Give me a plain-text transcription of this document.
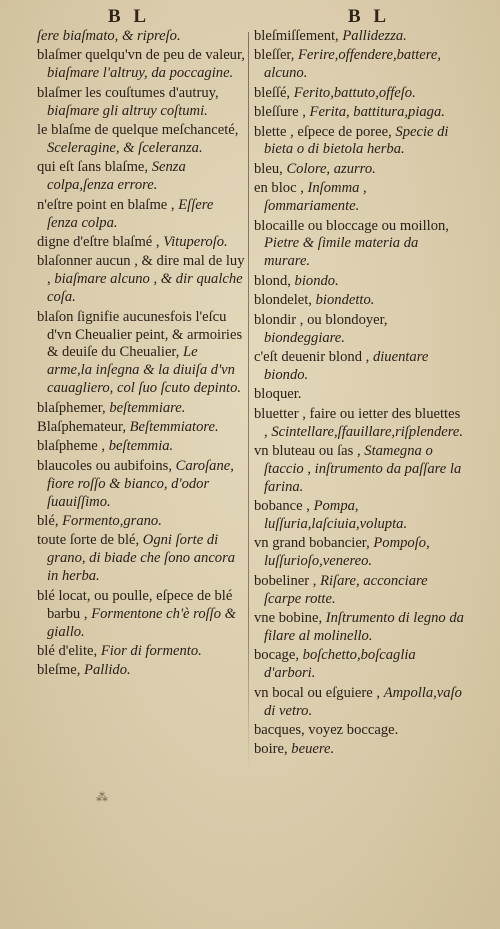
B L	B L
ſere biaſmato, & ripreſo.
blaſmer quelqu'vn de peu de valeur, biaſmare l'altruy, da poccagine.
blaſmer les couſtumes d'autruy, biaſmare gli altruy coſtumi.
le blaſme de quelque meſchanceté, Sceleragine, & ſceleranza.
qui eſt ſans blaſme, Senza colpa,ſenza errore.
n'eſtre point en blaſme , Eſſere ſenza colpa.
digne d'eſtre blaſmé , Vituperoſo.
blaſonner aucun , & dire mal de luy , biaſmare alcuno , & dir qualche coſa.
blaſon ſignifie aucunesfois l'eſcu d'vn Cheualier peint, & armoiries & deuiſe du Cheualier, Le arme,la inſegna & la diuiſa d'vn cauagliero, col ſuo ſcuto depinto.
blaſphemer, beſtemmiare.
Blaſphemateur, Beſtemmiatore.
blaſpheme , beſtemmia.
blaucoles ou aubifoins, Caroſane, fiore roſſo & bianco, d'odor ſuauiſſimo.
blé, Formento,grano.
toute ſorte de blé, Ogni ſorte di grano, di biade che ſono ancora in herba.
blé locat, ou poulle, eſpece de blé barbu , Formentone ch'è roſſo & giallo.
blé d'elite, Fior di formento.
bleſme, Pallido.
bleſmiſſement, Pallidezza.
bleſſer, Ferire,offendere,battere, alcuno.
bleſſé, Ferito,battuto,offeſo.
bleſſure , Ferita, battitura,piaga.
blette , eſpece de poree, Specie di bieta o di bietola herba.
bleu, Colore, azurro.
en bloc , Inſomma , ſommariamente.
blocaille ou bloccage ou moillon, Pietre & ſimile materia da murare.
blond, biondo.
blondelet, biondetto.
blondir , ou blondoyer, biondeggiare.
c'eſt deuenir blond , diuentare biondo.
bloquer.
bluetter , faire ou ietter des bluettes , Scintellare,ſfauillare,riſplendere.
vn bluteau ou ſas , Stamegna o ſtaccio , inſtrumento da paſſare la farina.
bobance , Pompa, luſſuria,laſciuia,volupta.
vn grand bobancier, Pompoſo, luſſurioſo,venereo.
bobeliner , Riſare, acconciare ſcarpe rotte.
vne bobine, Inſtrumento di legno da filare al molinello.
bocage, boſchetto,boſcaglia d'arbori.
vn bocal ou eſguiere , Ampolla,vaſo di vetro.
bacques, voyez boccage.
boire, beuere.
⁂
